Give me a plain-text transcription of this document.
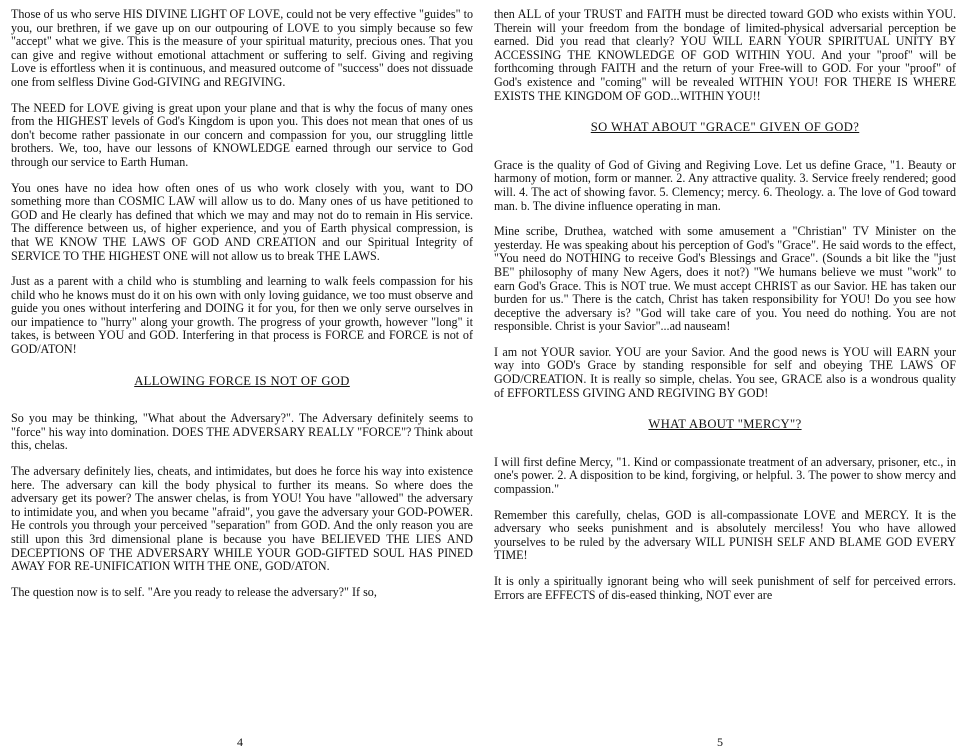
Those of us who serve HIS DIVINE LIGHT OF LOVE, could not be very effective "guides" to you, our brethren, if we gave up on our outpouring of LOVE to you simply because so few "accept" what we give. This is the measure of your spiritual maturity, precious ones. That you can give and regive without emotional attachment or suffering to self. Giving and regiving Love is effortless when it is continuous, and measured outcome of "success" does not dissuade one from selfless Divine God-GIVING and REGIVING.

The NEED for LOVE giving is great upon your plane and that is why the focus of many ones from the HIGHEST levels of God's Kingdom is upon you. This does not mean that ones of us don't become rather passionate in our concern and compassion for you, our struggling little brothers. We, too, have our lessons of KNOWLEDGE earned through our service to God through our service to Earth Human.

You ones have no idea how often ones of us who work closely with you, want to DO something more than COSMIC LAW will allow us to do. Many ones of us have petitioned to GOD and He clearly has defined that which we may and may not do to remain in His service. The difference between us, of higher experience, and you of Earth physical compression, is that WE KNOW THE LAWS OF GOD AND CREATION and our Spiritual Integrity of SERVICE TO THE HIGHEST ONE will not allow us to break THE LAWS.

Just as a parent with a child who is stumbling and learning to walk feels compassion for his child who he knows must do it on his own with only loving guidance, we too must observe and guide you ones without interfering and DOING it for you, for then we only serve ourselves in our impatience to "hurry" along your growth. The progress of your growth, however "long" it takes, is between YOU and GOD. Interfering in that process is FORCE and FORCE is not of GOD/ATON!

ALLOWING FORCE IS NOT OF GOD

So you may be thinking, "What about the Adversary?". The Adversary definitely seems to "force" his way into domination. DOES THE ADVERSARY REALLY "FORCE"? Think about this, chelas.

The adversary definitely lies, cheats, and intimidates, but does he force his way into existence here. The adversary can kill the body physical to further its means. So where does the adversary get its power? The answer chelas, is from YOU! You have "allowed" the adversary to intimidate you, and when you became "afraid", you gave the adversary your GOD-POWER. He controls you through your perceived "separation" from GOD. And the only reason you are still upon this 3rd dimensional plane is because you have BELIEVED THE LIES AND DECEPTIONS OF THE ADVERSARY WHILE YOUR GOD-GIFTED SOUL HAS PINED AWAY FOR RE-UNIFICATION WITH THE ONE, GOD/ATON.

The question now is to self. "Are you ready to release the adversary?" If so,

then ALL of your TRUST and FAITH must be directed toward GOD who exists within YOU. Therein will your freedom from the bondage of limited-physical adversarial perception be earned. Did you read that clearly? YOU WILL EARN YOUR SPIRITUAL UNITY BY ACCESSING THE KNOWLEDGE OF GOD WITHIN YOU. And your "proof" will be forthcoming through FAITH and the return of your Free-will to GOD. For your "proof" of God's existence and "coming" will be revealed WITHIN YOU! FOR THERE IS WHERE EXISTS THE KINGDOM OF GOD...WITHIN YOU!!

SO WHAT ABOUT "GRACE" GIVEN OF GOD?

Grace is the quality of God of Giving and Regiving Love. Let us define Grace, "1. Beauty or harmony of motion, form or manner. 2. Any attractive quality. 3. Service freely rendered; good will. 4. The act of showing favor. 5. Clemency; mercy. 6. Theology. a. The love of God toward man. b. The divine influence operating in man.

Mine scribe, Druthea, watched with some amusement a "Christian" TV Minister on the yesterday. He was speaking about his perception of God's "Grace". He said words to the effect, "You need do NOTHING to receive God's Blessings and Grace". (Sounds a bit like the "just BE" philosophy of many New Agers, does it not?) "We humans believe we must "work" to earn God's Grace. This is NOT true. We must accept CHRIST as our Savior. HE has taken our burden for us." There is the catch, Christ has taken responsibility for YOU! Do you see how deceptive the adversary is? "God will take care of you. You need do nothing. You are not responsible. Christ is your Savior"...ad nauseam!

I am not YOUR savior. YOU are your Savior. And the good news is YOU will EARN your way into GOD's Grace by standing responsible for self and obeying THE LAWS OF GOD/CREATION. It is really so simple, chelas. You see, GRACE also is a wondrous quality of EFFORTLESS GIVING AND REGIVING BY GOD!

WHAT ABOUT "MERCY"?

I will first define Mercy, "1. Kind or compassionate treatment of an adversary, prisoner, etc., in one's power. 2. A disposition to be kind, forgiving, or helpful. 3. The power to show mercy and compassion."

Remember this carefully, chelas, GOD is all-compassionate LOVE and MERCY. It is the adversary who seeks punishment and is absolutely merciless! You who have allowed yourselves to be ruled by the adversary WILL PUNISH SELF AND BLAME GOD EVERY TIME!

It is only a spiritually ignorant being who will seek punishment of self for perceived errors. Errors are EFFECTS of dis-eased thinking, NOT ever are

4	5
